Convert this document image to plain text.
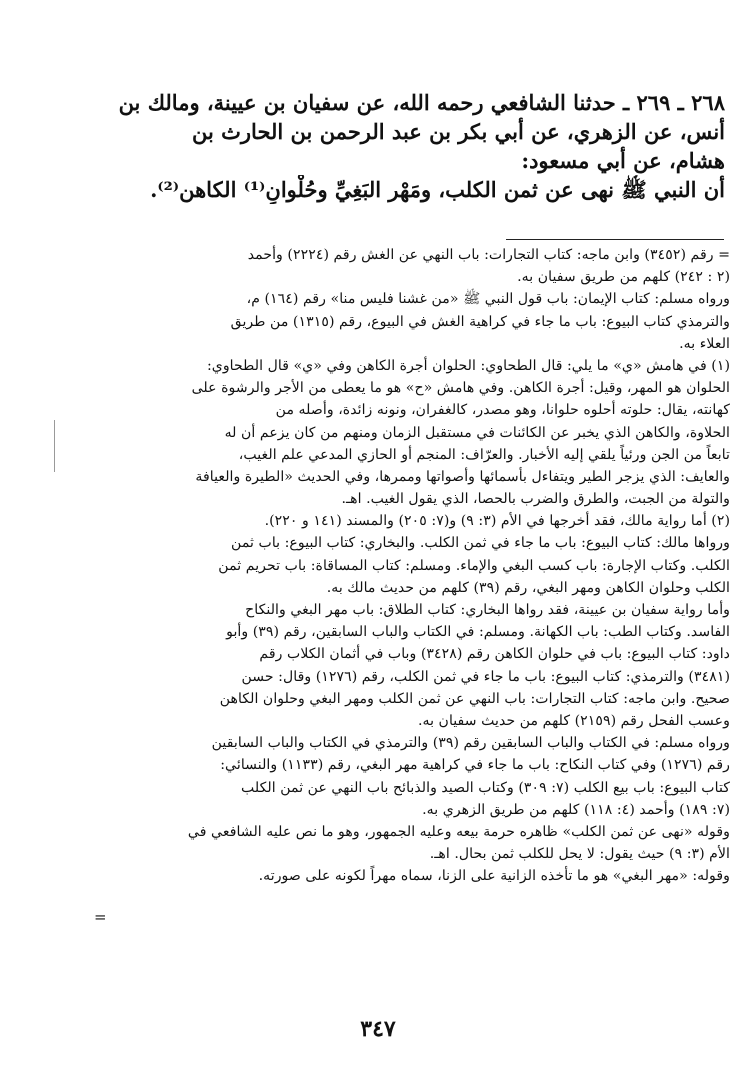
٢٦٨ ـ ٢٦٩ ـ حدثنا الشافعي رحمه الله، عن سفيان بن عيينة، ومالك بن
أنس، عن الزهري، عن أبي بكر بن عبد الرحمن بن الحارث بن
هشام، عن أبي مسعود:
أن النبي ﷺ نهى عن ثمن الكلب، ومَهْر البَغِيِّ وحُلْوانِ⁽¹⁾ الكاهن⁽²⁾.
= رقم (٣٤٥٢) وابن ماجه: كتاب التجارات: باب النهي عن الغش رقم (٢٢٢٤) وأحمد
(٢ : ٢٤٢) كلهم من طريق سفيان به.
ورواه مسلم: كتاب الإيمان: باب قول النبي ﷺ «من غشنا فليس منا» رقم (١٦٤) م،
والترمذي كتاب البيوع: باب ما جاء في كراهية الغش في البيوع، رقم (١٣١٥) من طريق
العلاء به.
(١) في هامش «ي» ما يلي: قال الطحاوي: الحلوان أجرة الكاهن وفي «ي» قال الطحاوي:
الحلوان هو المهر، وقيل: أجرة الكاهن. وفي هامش «ح» هو ما يعطى من الأجر والرشوة على
كهانته، يقال: حلوته أحلوه حلوانا، وهو مصدر، كالغفران، ونونه زائدة، وأصله من
الحلاوة، والكاهن الذي يخبر عن الكائنات في مستقبل الزمان ومنهم من كان يزعم أن له
تابعاً من الجن ورئياً يلقي إليه الأخبار. والعرّاف: المنجم أو الحازي المدعي علم الغيب،
والعايف: الذي يزجر الطير ويتفاءل بأسمائها وأصواتها وممرها، وفي الحديث «الطيرة والعيافة
والتولة من الجبت، والطرق والضرب بالحصا، الذي يقول الغيب. اهـ.
(٢) أما رواية مالك، فقد أخرجها في الأم (٣: ٩) و(٧: ٢٠٥) والمسند (١٤١ و ٢٢٠).
ورواها مالك: كتاب البيوع: باب ما جاء في ثمن الكلب. والبخاري: كتاب البيوع: باب ثمن
الكلب. وكتاب الإجارة: باب كسب البغي والإماء. ومسلم: كتاب المساقاة: باب تحريم ثمن
الكلب وحلوان الكاهن ومهر البغي، رقم (٣٩) كلهم من حديث مالك به.
وأما رواية سفيان بن عيينة، فقد رواها البخاري: كتاب الطلاق: باب مهر البغي والنكاح
الفاسد. وكتاب الطب: باب الكهانة. ومسلم: في الكتاب والباب السابقين، رقم (٣٩) وأبو
داود: كتاب البيوع: باب في حلوان الكاهن رقم (٣٤٢٨) وباب في أثمان الكلاب رقم
(٣٤٨١) والترمذي: كتاب البيوع: باب ما جاء في ثمن الكلب، رقم (١٢٧٦) وقال: حسن
صحيح. وابن ماجه: كتاب التجارات: باب النهي عن ثمن الكلب ومهر البغي وحلوان الكاهن
وعسب الفحل رقم (٢١٥٩) كلهم من حديث سفيان به.
ورواه مسلم: في الكتاب والباب السابقين رقم (٣٩) والترمذي في الكتاب والباب السابقين
رقم (١٢٧٦) وفي كتاب النكاح: باب ما جاء في كراهية مهر البغي، رقم (١١٣٣) والنسائي:
كتاب البيوع: باب بيع الكلب (٧: ٣٠٩) وكتاب الصيد والذبائح باب النهي عن ثمن الكلب
(٧: ١٨٩) وأحمد (٤: ١١٨) كلهم من طريق الزهري به.
وقوله «نهى عن ثمن الكلب» ظاهره حرمة بيعه وعليه الجمهور، وهو ما نص عليه الشافعي في
الأم (٣: ٩) حيث يقول: لا يحل للكلب ثمن بحال. اهـ.
وقوله: «مهر البغي» هو ما تأخذه الزانية على الزنا، سماه مهراً لكونه على صورته.
=
٣٤٧
